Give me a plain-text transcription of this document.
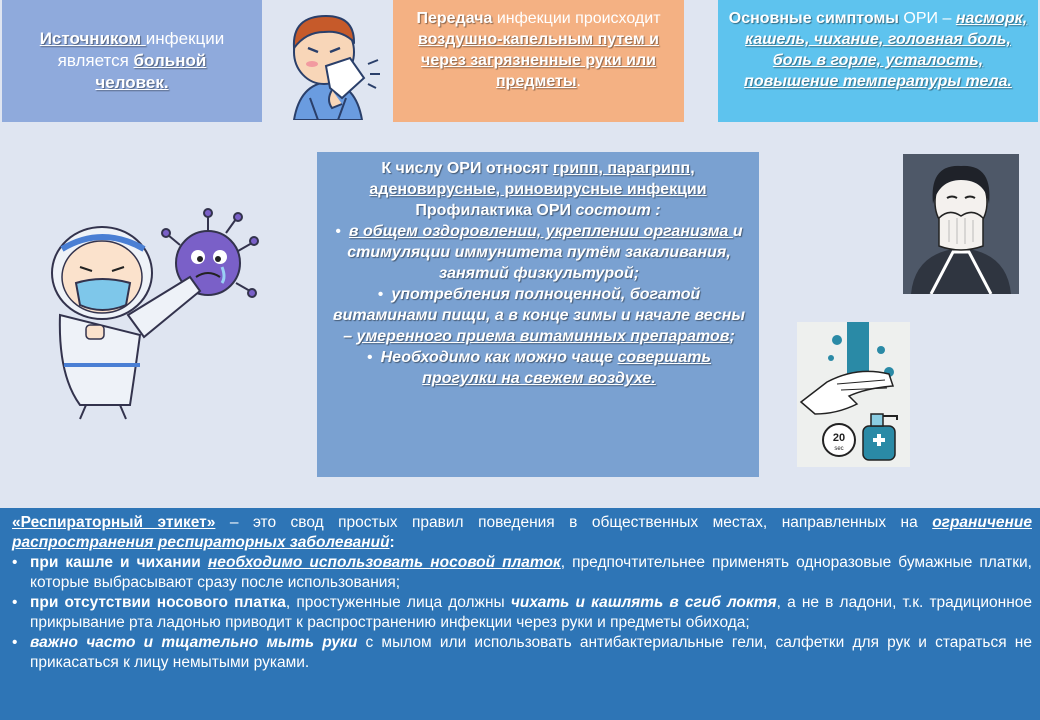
Источником инфекции является больной человек.
Передача инфекции происходит воздушно-капельным путем и через загрязненные руки или предметы.
Основные симптомы ОРИ – насморк, кашель, чихание, головная боль, боль в горле, усталость, повышение температуры тела.
К числу ОРИ относят грипп, парагрипп, аденовирусные, риновирусные инфекции
Профилактика ОРИ состоит :
• в общем оздоровлении, укреплении организма и стимуляции иммунитета путём закаливания, занятий физкультурой;
• употребления полноценной, богатой витаминами пищи, а в конце зимы и начале весны – умеренного приема витаминных препаратов;
• Необходимо как можно чаще совершать прогулки на свежем воздухе.
20
sec
«Респираторный этикет» – это свод простых правил поведения в общественных местах, направленных на ограничение распространения респираторных заболеваний:
• при кашле и чихании необходимо использовать носовой платок, предпочтительнее применять одноразовые бумажные платки, которые выбрасывают сразу после использования;
• при отсутствии носового платка, простуженные лица должны чихать и кашлять в сгиб локтя, а не в ладони, т.к. традиционное прикрывание рта ладонью приводит к распространению инфекции через руки и предметы обихода;
• важно часто и тщательно мыть руки с мылом или использовать антибактериальные гели, салфетки для рук и стараться не прикасаться к лицу немытыми руками.
